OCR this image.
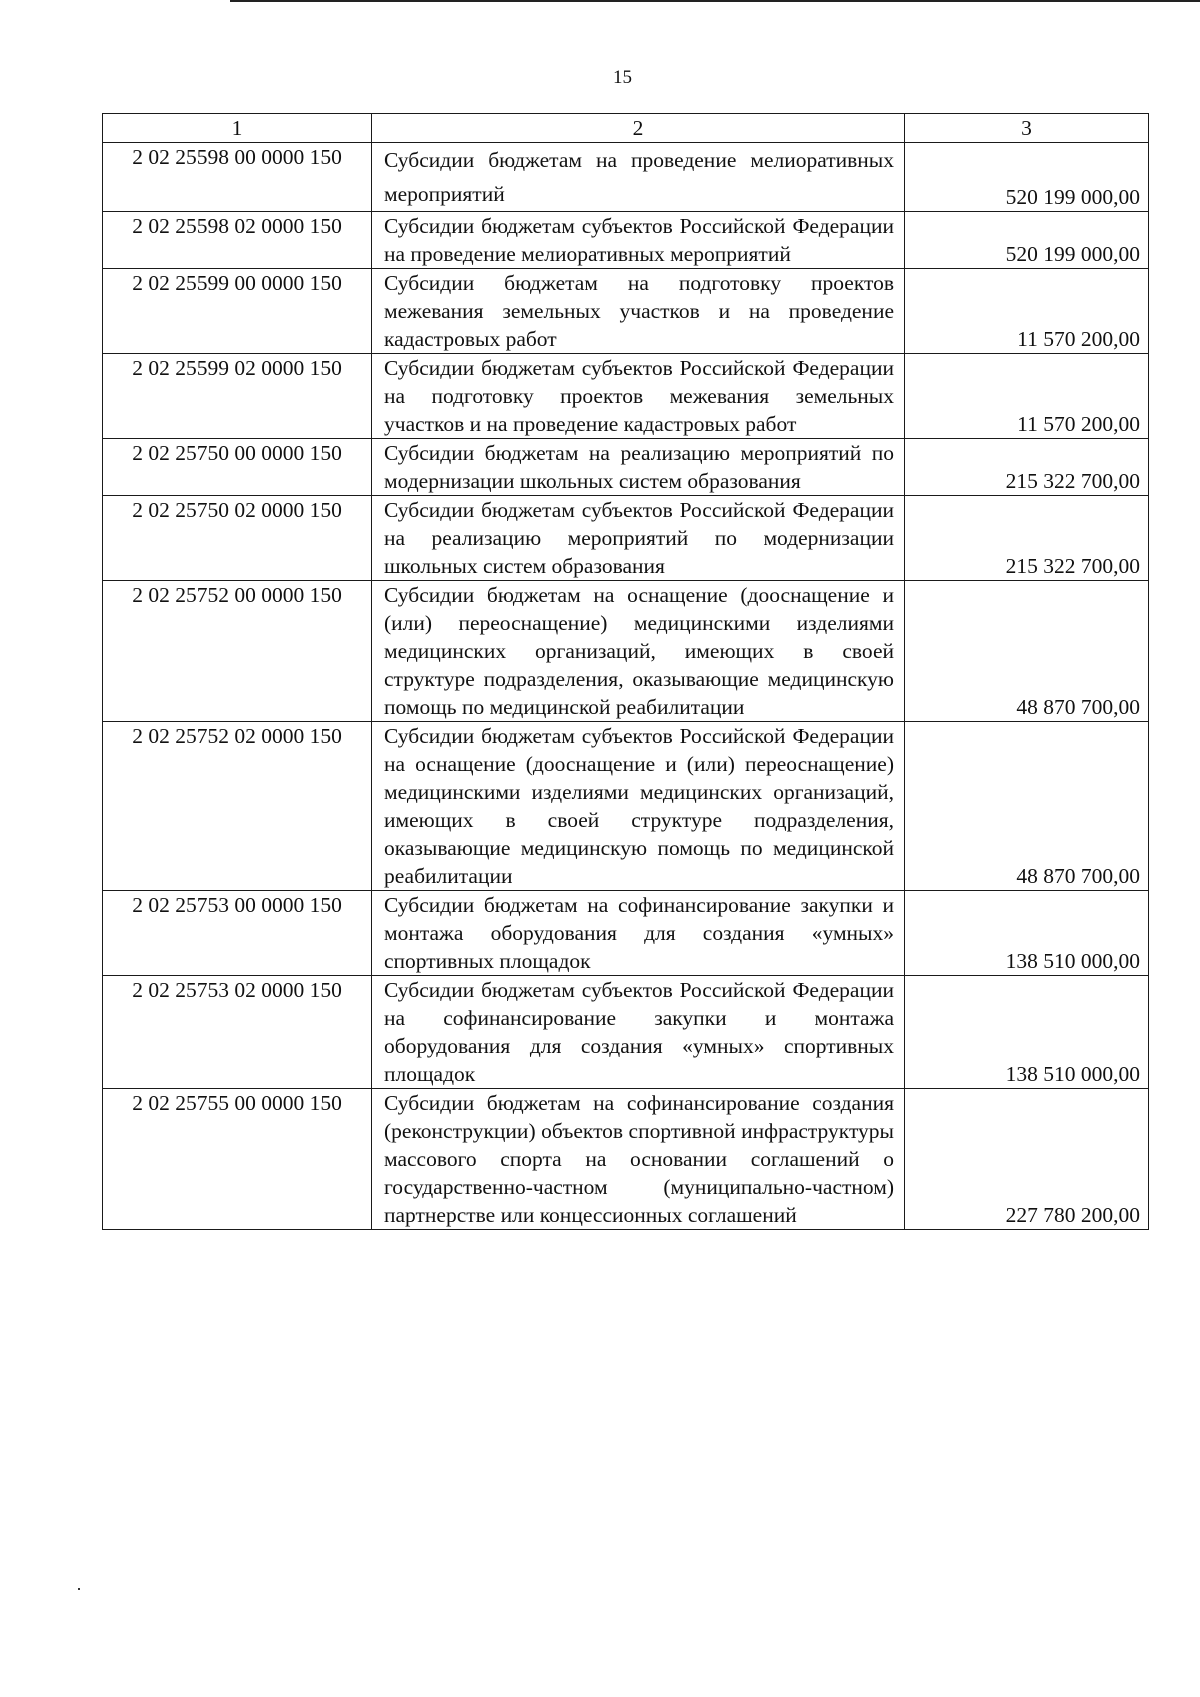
15
1	2	3
2 02 25598 00 0000 150	Субсидии бюджетам на проведение мелиоративных мероприятий	520 199 000,00
2 02 25598 02 0000 150	Субсидии бюджетам субъектов Российской Федерации на проведение мелиоративных мероприятий	520 199 000,00
2 02 25599 00 0000 150	Субсидии бюджетам на подготовку проектов межевания земельных участков и на проведение кадастровых работ	11 570 200,00
2 02 25599 02 0000 150	Субсидии бюджетам субъектов Российской Федерации на подготовку проектов межевания земельных участков и на проведение кадастровых работ	11 570 200,00
2 02 25750 00 0000 150	Субсидии бюджетам на реализацию мероприятий по модернизации школьных систем образования	215 322 700,00
2 02 25750 02 0000 150	Субсидии бюджетам субъектов Российской Федерации на реализацию мероприятий по модернизации школьных систем образования	215 322 700,00
2 02 25752 00 0000 150	Субсидии бюджетам на оснащение (дооснащение и (или) переоснащение) медицинскими изделиями медицинских организаций, имеющих в своей структуре подразделения, оказывающие медицинскую помощь по медицинской реабилитации	48 870 700,00
2 02 25752 02 0000 150	Субсидии бюджетам субъектов Российской Федерации на оснащение (дооснащение и (или) переоснащение) медицинскими изделиями медицинских организаций, имеющих в своей структуре подразделения, оказывающие медицинскую помощь по медицинской реабилитации	48 870 700,00
2 02 25753 00 0000 150	Субсидии бюджетам на софинансирование закупки и монтажа оборудования для создания «умных» спортивных площадок	138 510 000,00
2 02 25753 02 0000 150	Субсидии бюджетам субъектов Российской Федерации на софинансирование закупки и монтажа оборудования для создания «умных» спортивных площадок	138 510 000,00
2 02 25755 00 0000 150	Субсидии бюджетам на софинансирование создания (реконструкции) объектов спортивной инфраструктуры массового спорта на основании соглашений о государственно-частном (муниципально-частном) партнерстве или концессионных соглашений	227 780 200,00
